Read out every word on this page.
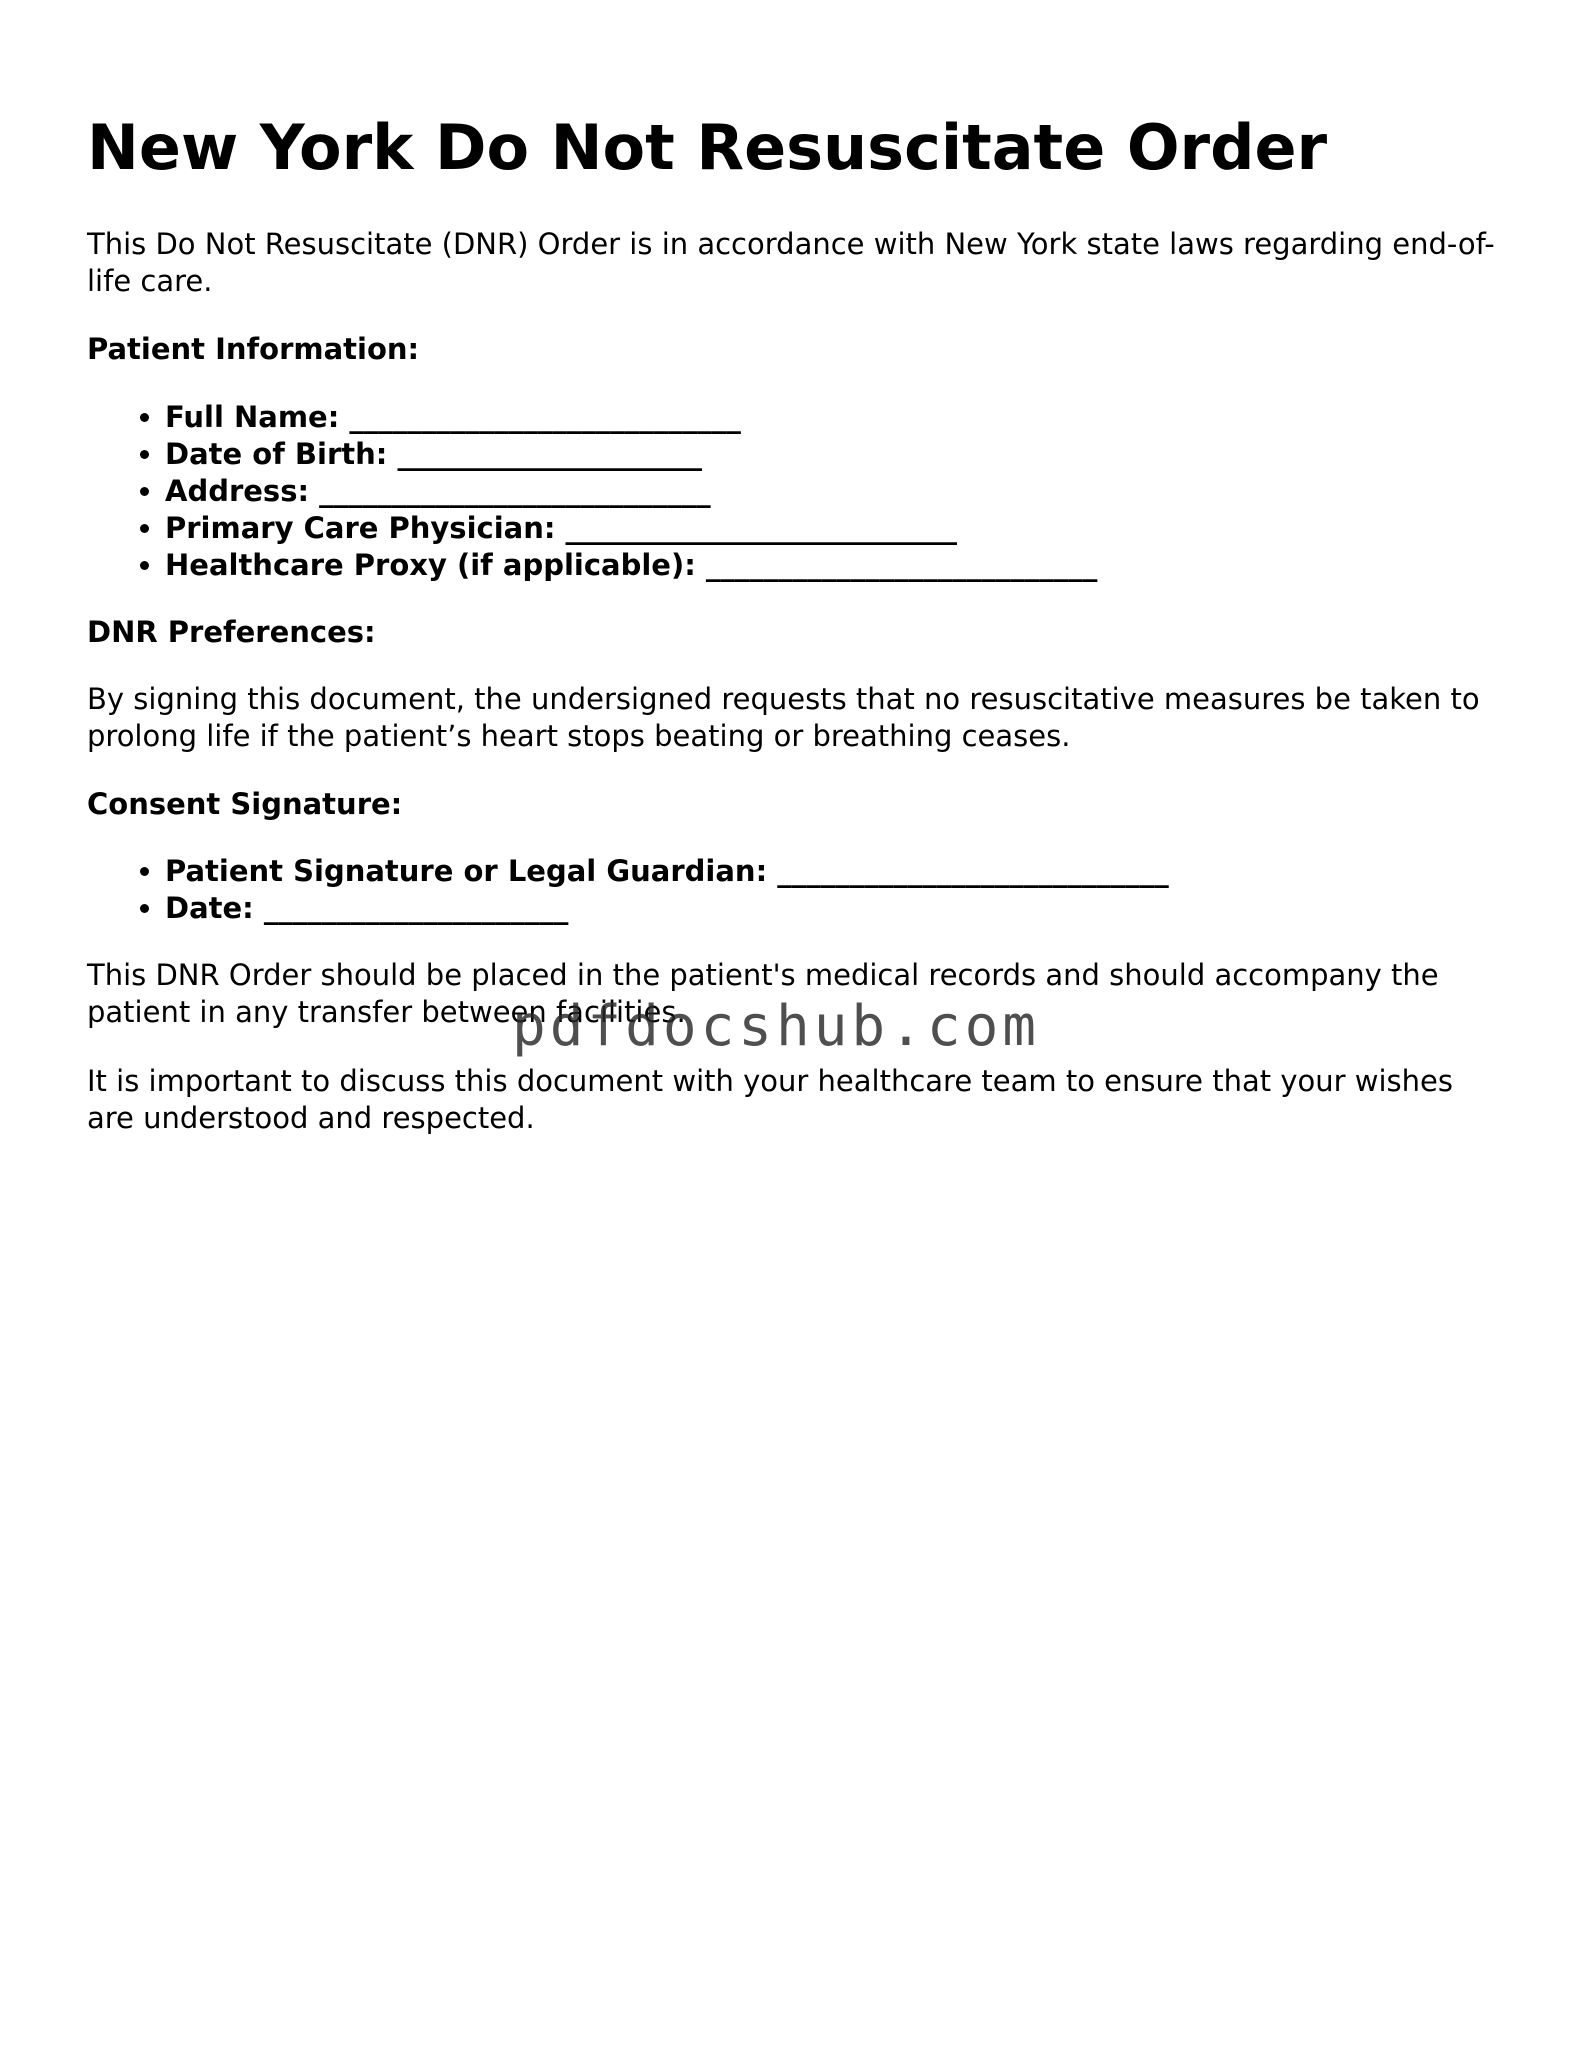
New York Do Not Resuscitate Order

This Do Not Resuscitate (DNR) Order is in accordance with New York state laws regarding end-of-life care.

Patient Information:

• Full Name: ___________________________
• Date of Birth: _____________________
• Address: ___________________________
• Primary Care Physician: ___________________________
• Healthcare Proxy (if applicable): ___________________________

DNR Preferences:

By signing this document, the undersigned requests that no resuscitative measures be taken to prolong life if the patient’s heart stops beating or breathing ceases.

Consent Signature:

• Patient Signature or Legal Guardian: ___________________________
• Date: _____________________

This DNR Order should be placed in the patient's medical records and should accompany the patient in any transfer between facilities.

It is important to discuss this document with your healthcare team to ensure that your wishes are understood and respected.

pdfdocshub.com
